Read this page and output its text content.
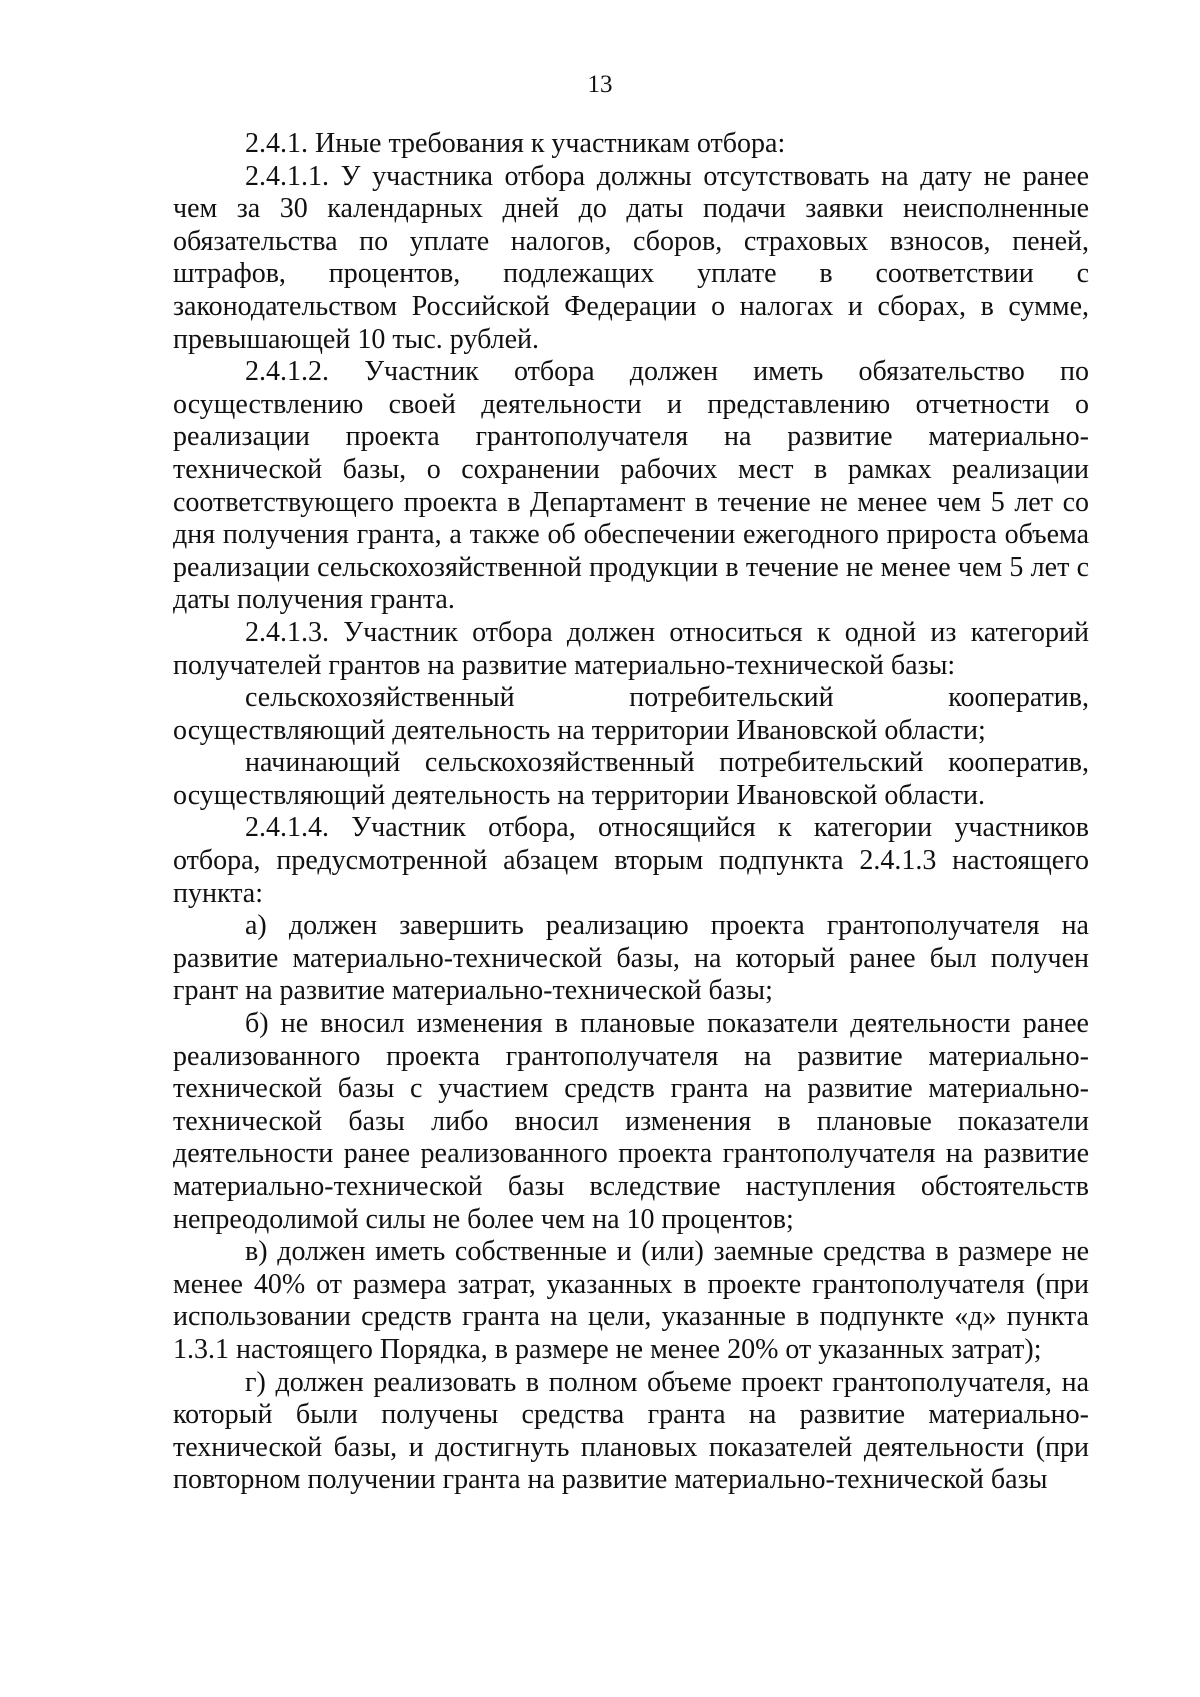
13

2.4.1. Иные требования к участникам отбора:

2.4.1.1. У участника отбора должны отсутствовать на дату не ранее чем за 30 календарных дней до даты подачи заявки неисполненные обязательства по уплате налогов, сборов, страховых взносов, пеней, штрафов, процентов, подлежащих уплате в соответствии с законодательством Российской Федерации о налогах и сборах, в сумме, превышающей 10 тыс. рублей.

2.4.1.2. Участник отбора должен иметь обязательство по осуществлению своей деятельности и представлению отчетности о реализации проекта грантополучателя на развитие материально-технической базы, о сохранении рабочих мест в рамках реализации соответствующего проекта в Департамент в течение не менее чем 5 лет со дня получения гранта, а также об обеспечении ежегодного прироста объема реализации сельскохозяйственной продукции в течение не менее чем 5 лет с даты получения гранта.

2.4.1.3. Участник отбора должен относиться к одной из категорий получателей грантов на развитие материально-технической базы:

сельскохозяйственный потребительский кооператив, осуществляющий деятельность на территории Ивановской области;

начинающий сельскохозяйственный потребительский кооператив, осуществляющий деятельность на территории Ивановской области.

2.4.1.4. Участник отбора, относящийся к категории участников отбора, предусмотренной абзацем вторым подпункта 2.4.1.3 настоящего пункта:

а) должен завершить реализацию проекта грантополучателя на развитие материально-технической базы, на который ранее был получен грант на развитие материально-технической базы;

б) не вносил изменения в плановые показатели деятельности ранее реализованного проекта грантополучателя на развитие материально-технической базы с участием средств гранта на развитие материально-технической базы либо вносил изменения в плановые показатели деятельности ранее реализованного проекта грантополучателя на развитие материально-технической базы вследствие наступления обстоятельств непреодолимой силы не более чем на 10 процентов;

в) должен иметь собственные и (или) заемные средства в размере не менее 40% от размера затрат, указанных в проекте грантополучателя (при использовании средств гранта на цели, указанные в подпункте «д» пункта 1.3.1 настоящего Порядка, в размере не менее 20% от указанных затрат);

г) должен реализовать в полном объеме проект грантополучателя, на который были получены средства гранта на развитие материально-технической базы, и достигнуть плановых показателей деятельности (при повторном получении гранта на развитие материально-технической базы
